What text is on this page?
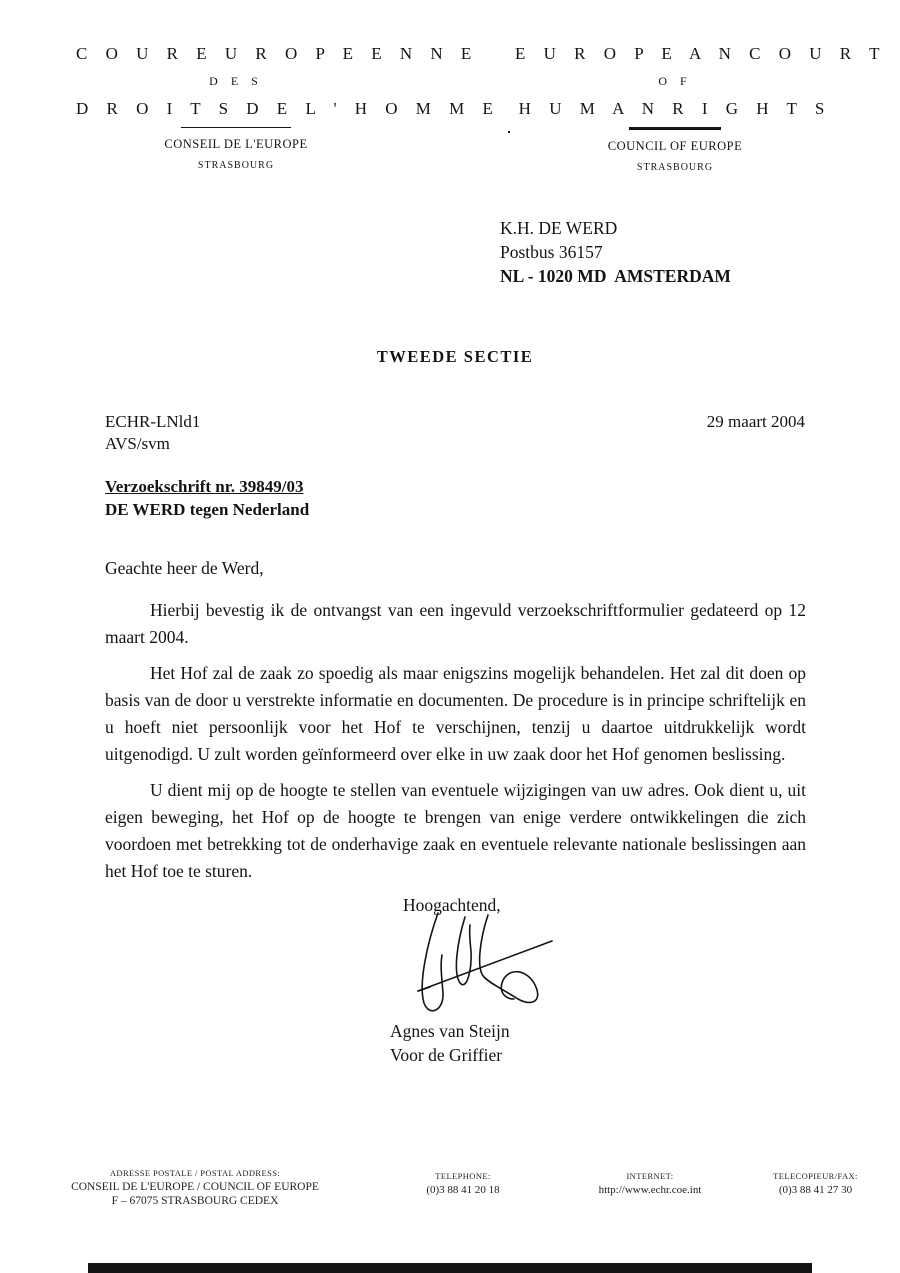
C O U R E U R O P E E N N E
D E S
D R O I T S D E L ' H O M M E
CONSEIL DE L'EUROPE
STRASBOURG
E U R O P E A N C O U R T
O F
H U M A N R I G H T S
COUNCIL OF EUROPE
STRASBOURG
K.H. DE WERD
Postbus 36157
NL - 1020 MD  AMSTERDAM
TWEEDE SECTIE
ECHR-LNld1
AVS/svm
29 maart 2004
Verzoekschrift nr. 39849/03
DE WERD tegen Nederland

Geachte heer de Werd,

Hierbij bevestig ik de ontvangst van een ingevuld verzoekschriftformulier gedateerd op 12 maart 2004.

Het Hof zal de zaak zo spoedig als maar enigszins mogelijk behandelen. Het zal dit doen op basis van de door u verstrekte informatie en documenten. De procedure is in principe schriftelijk en u hoeft niet persoonlijk voor het Hof te verschijnen, tenzij u daartoe uitdrukkelijk wordt uitgenodigd. U zult worden geïnformeerd over elke in uw zaak door het Hof genomen beslissing.

U dient mij op de hoogte te stellen van eventuele wijzigingen van uw adres. Ook dient u, uit eigen beweging, het Hof op de hoogte te brengen van enige verdere ontwikkelingen die zich voordoen met betrekking tot de onderhavige zaak en eventuele relevante nationale beslissingen aan het Hof toe te sturen.

Hoogachtend,
Agnes van Steijn
Voor de Griffier
ADRESSE POSTALE / POSTAL ADDRESS:
CONSEIL DE L'EUROPE / COUNCIL OF EUROPE
F – 67075 STRASBOURG CEDEX
TELEPHONE:
(0)3 88 41 20 18
INTERNET:
http://www.echr.coe.int
TELECOPIEUR/FAX:
(0)3 88 41 27 30
